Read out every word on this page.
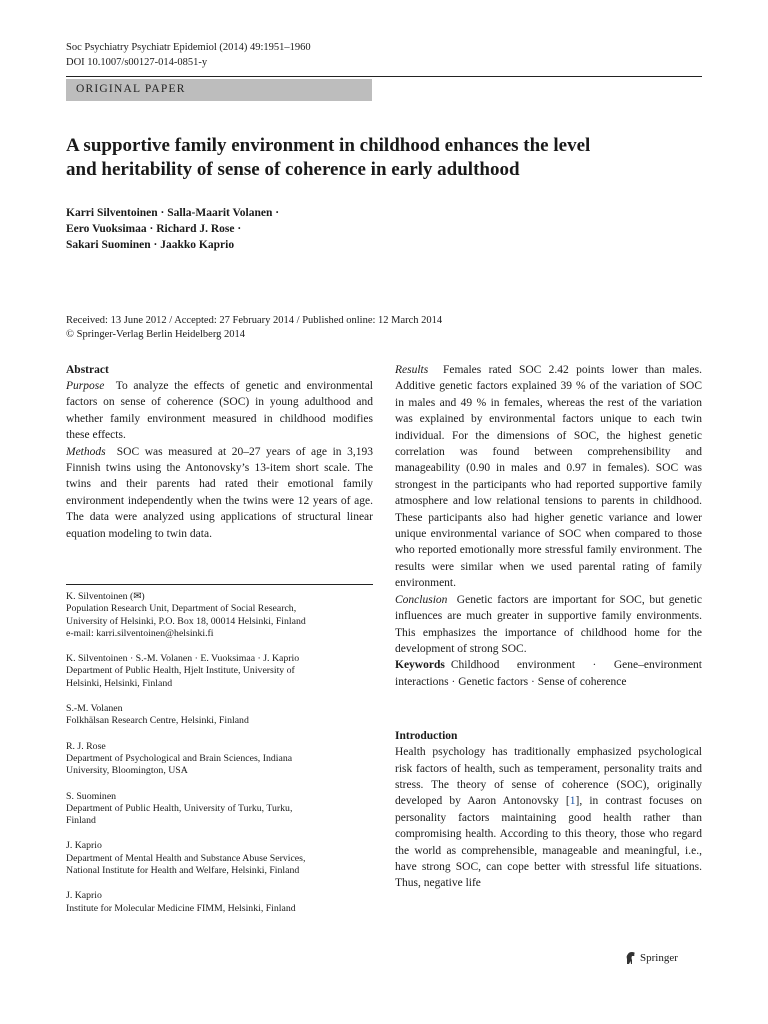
Soc Psychiatry Psychiatr Epidemiol (2014) 49:1951–1960
DOI 10.1007/s00127-014-0851-y
ORIGINAL PAPER
A supportive family environment in childhood enhances the level
and heritability of sense of coherence in early adulthood
Karri Silventoinen · Salla-Maarit Volanen ·
Eero Vuoksimaa · Richard J. Rose ·
Sakari Suominen · Jaakko Kaprio
Received: 13 June 2012 / Accepted: 27 February 2014 / Published online: 12 March 2014
© Springer-Verlag Berlin Heidelberg 2014
Abstract

Purpose To analyze the effects of genetic and environmental factors on sense of coherence (SOC) in young adulthood and whether family environment measured in childhood modifies these effects.

Methods SOC was measured at 20–27 years of age in 3,193 Finnish twins using the Antonovsky’s 13-item short scale. The twins and their parents had rated their emotional family environment independently when the twins were 12 years of age. The data were analyzed using applications of structural linear equation modeling to twin data.

K. Silventoinen (✉)
Population Research Unit, Department of Social Research,
University of Helsinki, P.O. Box 18, 00014 Helsinki, Finland
e-mail: karri.silventoinen@helsinki.fi
K. Silventoinen · S.-M. Volanen · E. Vuoksimaa · J. Kaprio
Department of Public Health, Hjelt Institute, University of
Helsinki, Helsinki, Finland
S.-M. Volanen
Folkhälsan Research Centre, Helsinki, Finland
R. J. Rose
Department of Psychological and Brain Sciences, Indiana
University, Bloomington, USA
S. Suominen
Department of Public Health, University of Turku, Turku,
Finland
J. Kaprio
Department of Mental Health and Substance Abuse Services,
National Institute for Health and Welfare, Helsinki, Finland
J. Kaprio
Institute for Molecular Medicine FIMM, Helsinki, Finland

Results Females rated SOC 2.42 points lower than males. Additive genetic factors explained 39 % of the variation of SOC in males and 49 % in females, whereas the rest of the variation was explained by environmental factors unique to each twin individual. For the dimensions of SOC, the highest genetic correlation was found between comprehensibility and manageability (0.90 in males and 0.97 in females). SOC was strongest in the participants who had reported supportive family atmosphere and low relational tensions to parents in childhood. These participants also had higher genetic variance and lower unique environmental variance of SOC when compared to those who reported emotionally more stressful family environment. The results were similar when we used parental rating of family environment.

Conclusion Genetic factors are important for SOC, but genetic influences are much greater in supportive family environments. This emphasizes the importance of childhood home for the development of strong SOC.

Keywords Childhood environment · Gene–environment interactions · Genetic factors · Sense of coherence

Introduction

Health psychology has traditionally emphasized psychological risk factors of health, such as temperament, personality traits and stress. The theory of sense of coherence (SOC), originally developed by Aaron Antonovsky [1], in contrast focuses on personality factors maintaining good health rather than compromising health. According to this theory, those who regard the world as comprehensible, manageable and meaningful, i.e., have strong SOC, can cope better with stressful life situations. Thus, negative life

Springer
